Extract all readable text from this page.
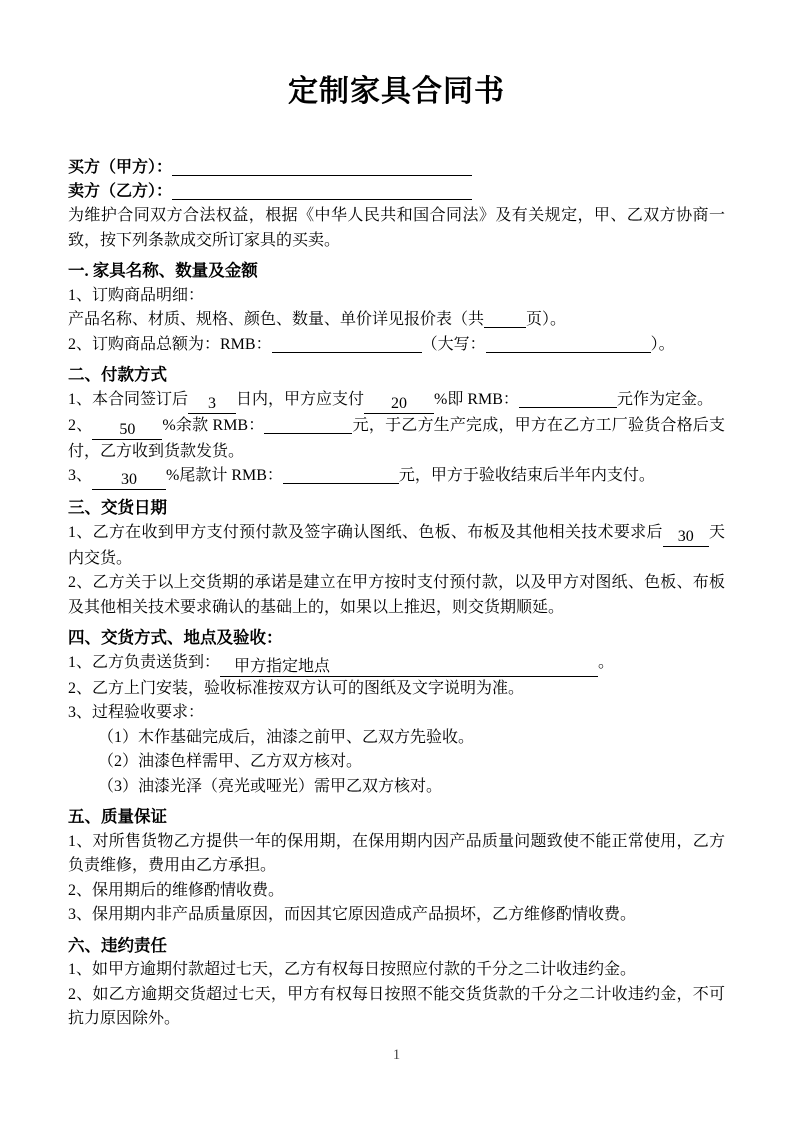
定制家具合同书

买方（甲方）：

卖方（乙方）：

为维护合同双方合法权益，根据《中华人民共和国合同法》及有关规定，甲、乙双方协商一致，按下列条款成交所订家具的买卖。

一. 家具名称、数量及金额

1、订购商品明细：

产品名称、材质、规格、颜色、数量、单价详见报价表（共	页）。

2、订购商品总额为：RMB：	（大写：	）。

二、付款方式

1、本合同签订后 3 日内，甲方应支付 20 %即 RMB：	元作为定金。

2、 50 %余款 RMB：	元，于乙方生产完成，甲方在乙方工厂验货合格后支付，乙方收到货款发货。

3、 30 %尾款计 RMB：	元，甲方于验收结束后半年内支付。

三、交货日期

1、乙方在收到甲方支付预付款及签字确认图纸、色板、布板及其他相关技术要求后 30 天内交货。

2、乙方关于以上交货期的承诺是建立在甲方按时支付预付款，以及甲方对图纸、色板、布板及其他相关技术要求确认的基础上的，如果以上推迟，则交货期顺延。

四、交货方式、地点及验收：

1、乙方负责送货到： 甲方指定地点	。

2、乙方上门安装，验收标准按双方认可的图纸及文字说明为准。

3、过程验收要求：

（1）木作基础完成后，油漆之前甲、乙双方先验收。

（2）油漆色样需甲、乙方双方核对。

（3）油漆光泽（亮光或哑光）需甲乙双方核对。

五、质量保证

1、对所售货物乙方提供一年的保用期，在保用期内因产品质量问题致使不能正常使用，乙方负责维修，费用由乙方承担。

2、保用期后的维修酌情收费。

3、保用期内非产品质量原因，而因其它原因造成产品损坏，乙方维修酌情收费。

六、违约责任

1、如甲方逾期付款超过七天，乙方有权每日按照应付款的千分之二计收违约金。

2、如乙方逾期交货超过七天，甲方有权每日按照不能交货货款的千分之二计收违约金，不可抗力原因除外。

1
